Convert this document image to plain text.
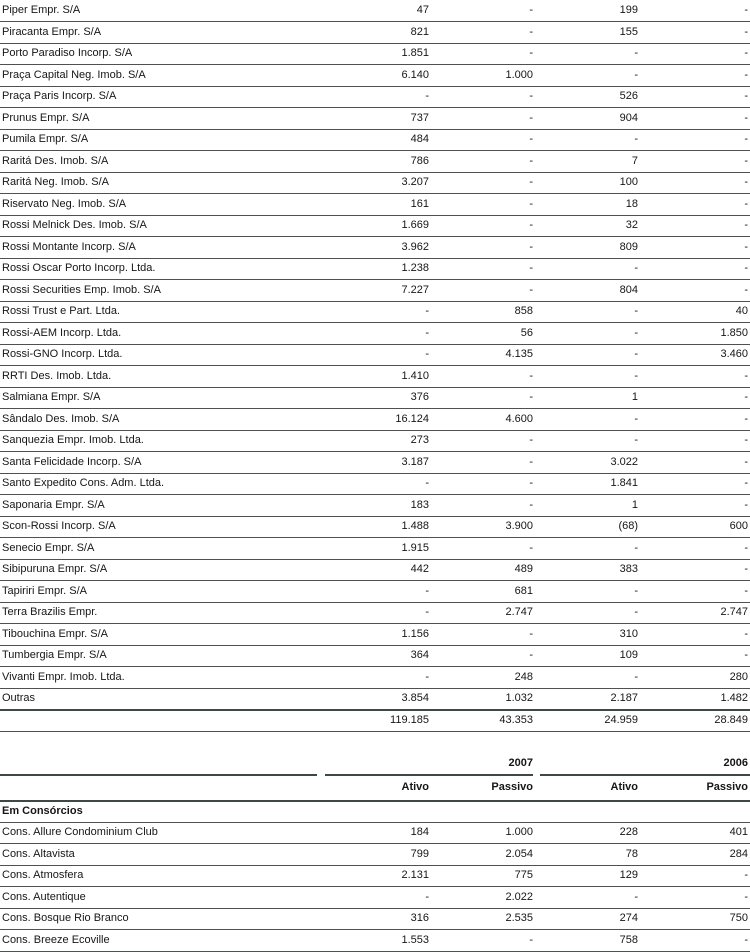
Piper Empr. S/A	47	-	199	-
Piracanta Empr. S/A	821	-	155	-
Porto Paradiso Incorp. S/A	1.851	-	-	-
Praça Capital Neg. Imob. S/A	6.140	1.000	-	-
Praça Paris Incorp. S/A	-	-	526	-
Prunus Empr. S/A	737	-	904	-
Pumila Empr. S/A	484	-	-	-
Raritá Des. Imob. S/A	786	-	7	-
Raritá Neg. Imob. S/A	3.207	-	100	-
Riservato Neg. Imob. S/A	161	-	18	-
Rossi Melnick Des. Imob. S/A	1.669	-	32	-
Rossi Montante Incorp. S/A	3.962	-	809	-
Rossi Oscar Porto Incorp. Ltda.	1.238	-	-	-
Rossi Securities Emp. Imob. S/A	7.227	-	804	-
Rossi Trust e Part. Ltda.	-	858	-	40
Rossi-AEM Incorp. Ltda.	-	56	-	1.850
Rossi-GNO Incorp. Ltda.	-	4.135	-	3.460
RRTI Des. Imob. Ltda.	1.410	-	-	-
Salmiana Empr. S/A	376	-	1	-
Sândalo Des. Imob. S/A	16.124	4.600	-	-
Sanquezia Empr. Imob. Ltda.	273	-	-	-
Santa Felicidade Incorp. S/A	3.187	-	3.022	-
Santo Expedito Cons. Adm. Ltda.	-	-	1.841	-
Saponaria Empr. S/A	183	-	1	-
Scon-Rossi Incorp. S/A	1.488	3.900	(68)	600
Senecio Empr. S/A	1.915	-	-	-
Sibipuruna Empr. S/A	442	489	383	-
Tapiriri Empr. S/A	-	681	-	-
Terra Brazilis Empr.	-	2.747	-	2.747
Tibouchina Empr. S/A	1.156	-	310	-
Tumbergia Empr. S/A	364	-	109	-
Vivanti Empr. Imob. Ltda.	-	248	-	280
Outras	3.854	1.032	2.187	1.482
	119.185	43.353	24.959	28.849
		2007			2006	
		Ativo	Passivo		Ativo	Passivo
Em Consórcios						
Cons. Allure Condominium Club		184	1.000		228	401
Cons. Altavista		799	2.054		78	284
Cons. Atmosfera		2.131	775		129	-
Cons. Autentique		-	2.022		-	-
Cons. Bosque Rio Branco		316	2.535		274	750
Cons. Breeze Ecoville		1.553	-		758	-
